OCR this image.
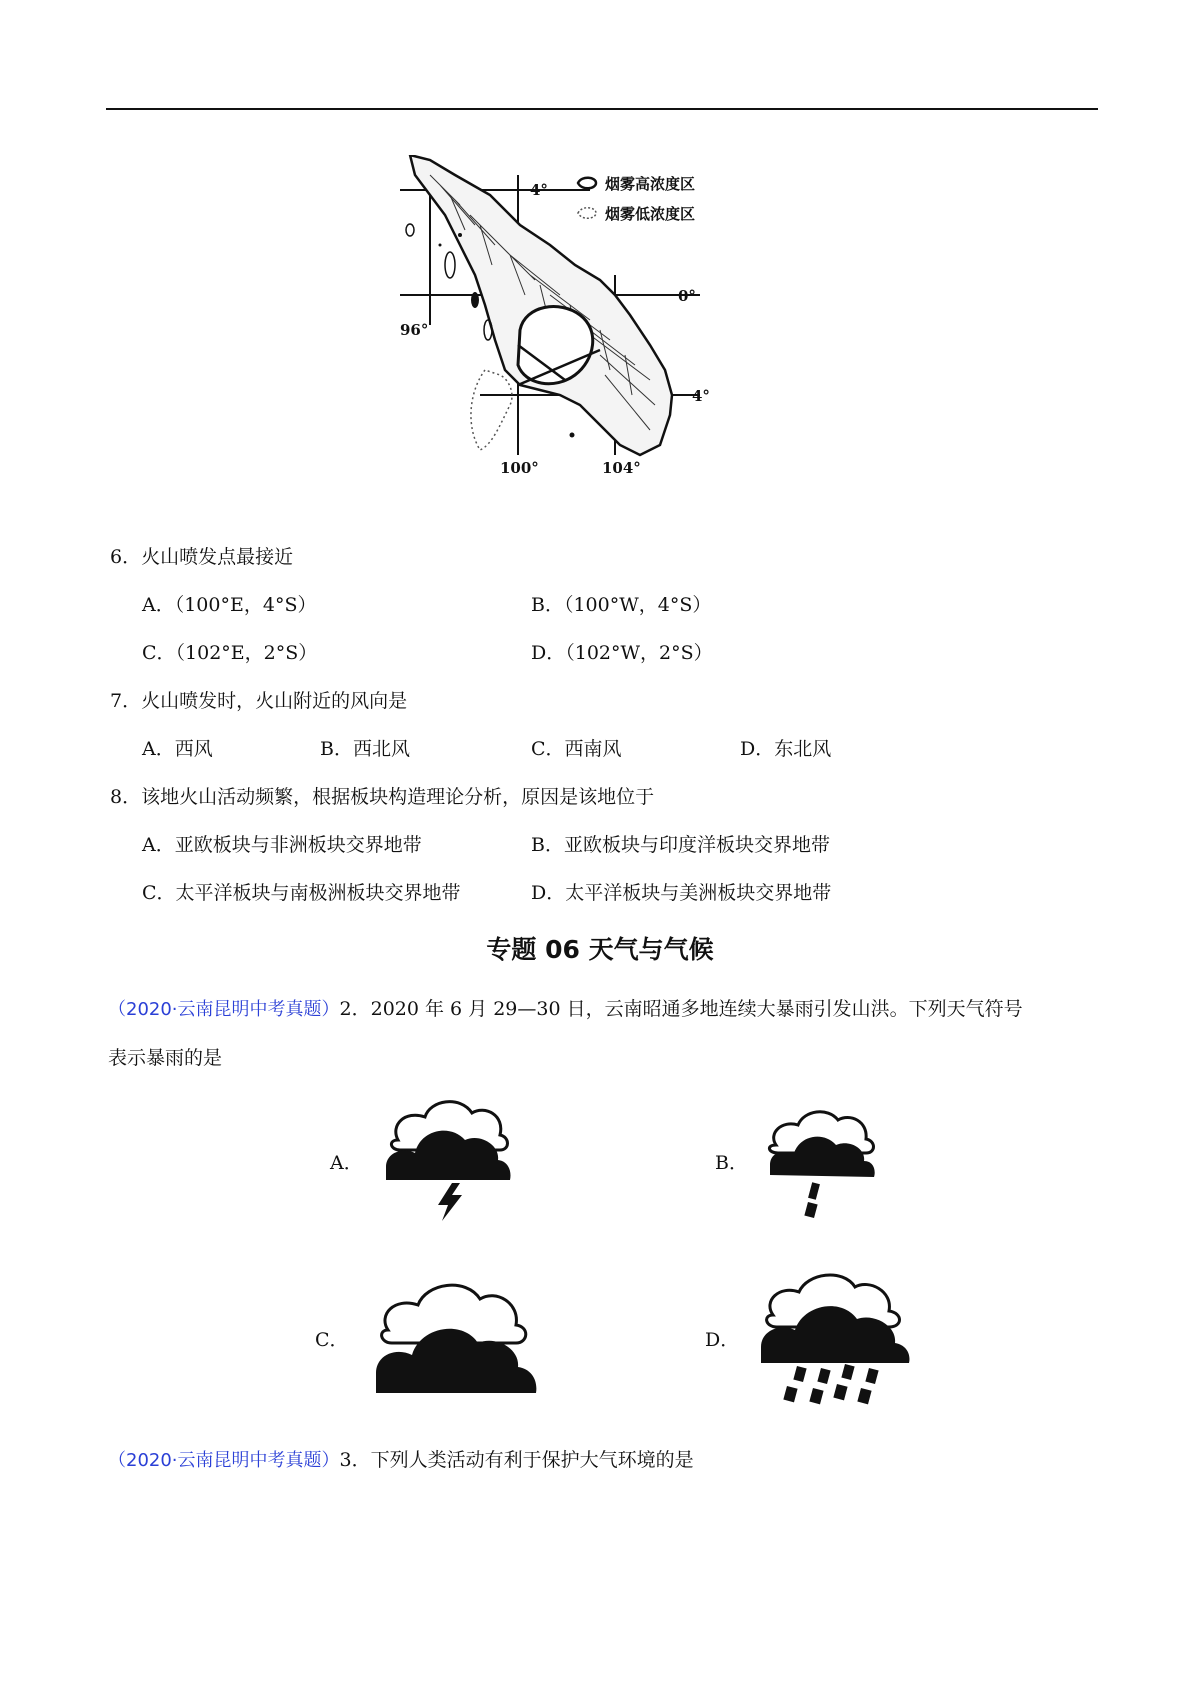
烟雾高浓度区
烟雾低浓度区
4°
0°
4°
96°
100°	104°
6．火山喷发点最接近
A．（100°E，4°S）	B．（100°W，4°S）
C．（102°E，2°S）	D．（102°W，2°S）
7．火山喷发时，火山附近的风向是
A．西风	B．西北风	C．西南风	D．东北风
8．该地火山活动频繁，根据板块构造理论分析，原因是该地位于
A．亚欧板块与非洲板块交界地带	B．亚欧板块与印度洋板块交界地带
C．太平洋板块与南极洲板块交界地带	D．太平洋板块与美洲板块交界地带
专题 06 天气与气候
（2020·云南昆明中考真题）2．2020 年 6 月 29—30 日，云南昭通多地连续大暴雨引发山洪。下列天气符号
表示暴雨的是
A．	B．
C．	D．
（2020·云南昆明中考真题）3．下列人类活动有利于保护大气环境的是
